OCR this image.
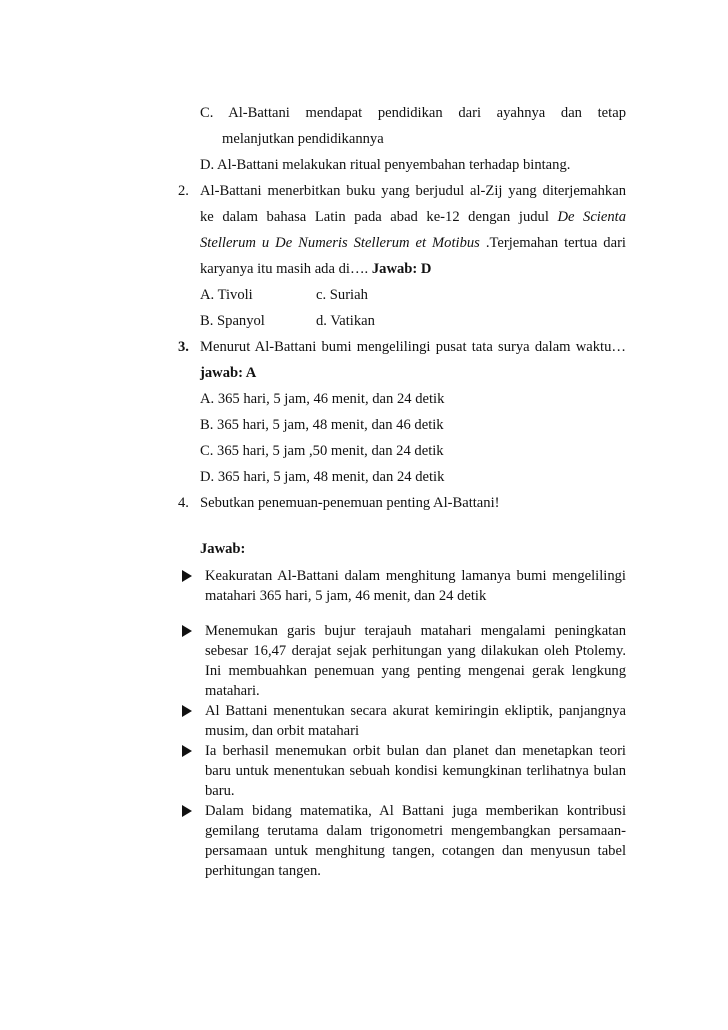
C. Al-Battani mendapat pendidikan dari ayahnya dan tetap
melanjutkan pendidikannya
D. Al-Battani melakukan ritual penyembahan terhadap bintang.
2. Al-Battani menerbitkan buku yang berjudul al-Zij yang diterjemahkan
ke dalam bahasa Latin pada abad ke-12 dengan judul De Scienta
Stellerum u De Numeris Stellerum et Motibus .Terjemahan tertua dari
karyanya itu masih ada di…. Jawab: D
A. Tivoli	c. Suriah
B. Spanyol	d. Vatikan
3. Menurut Al-Battani bumi mengelilingi pusat tata surya dalam waktu…
jawab: A
A. 365 hari, 5 jam, 46 menit, dan 24 detik
B. 365 hari, 5 jam, 48 menit, dan 46 detik
C. 365 hari, 5 jam ,50 menit, dan 24 detik
D. 365 hari, 5 jam, 48 menit, dan 24 detik
4. Sebutkan penemuan-penemuan penting Al-Battani!
Jawab:
Keakuratan Al-Battani dalam menghitung lamanya bumi mengelilingi
matahari 365 hari, 5 jam, 46 menit, dan 24 detik
Menemukan garis bujur terajauh matahari mengalami peningkatan
sebesar 16,47 derajat sejak perhitungan yang dilakukan oleh Ptolemy.
Ini membuahkan penemuan yang penting mengenai gerak lengkung
matahari.
Al Battani menentukan secara akurat kemiringin ekliptik, panjangnya
musim, dan orbit matahari
Ia berhasil menemukan orbit bulan dan planet dan menetapkan teori
baru untuk menentukan sebuah kondisi kemungkinan terlihatnya bulan
baru.
Dalam bidang matematika, Al Battani juga memberikan kontribusi
gemilang terutama dalam trigonometri mengembangkan persamaan-
persamaan untuk menghitung tangen, cotangen dan menyusun tabel
perhitungan tangen.
